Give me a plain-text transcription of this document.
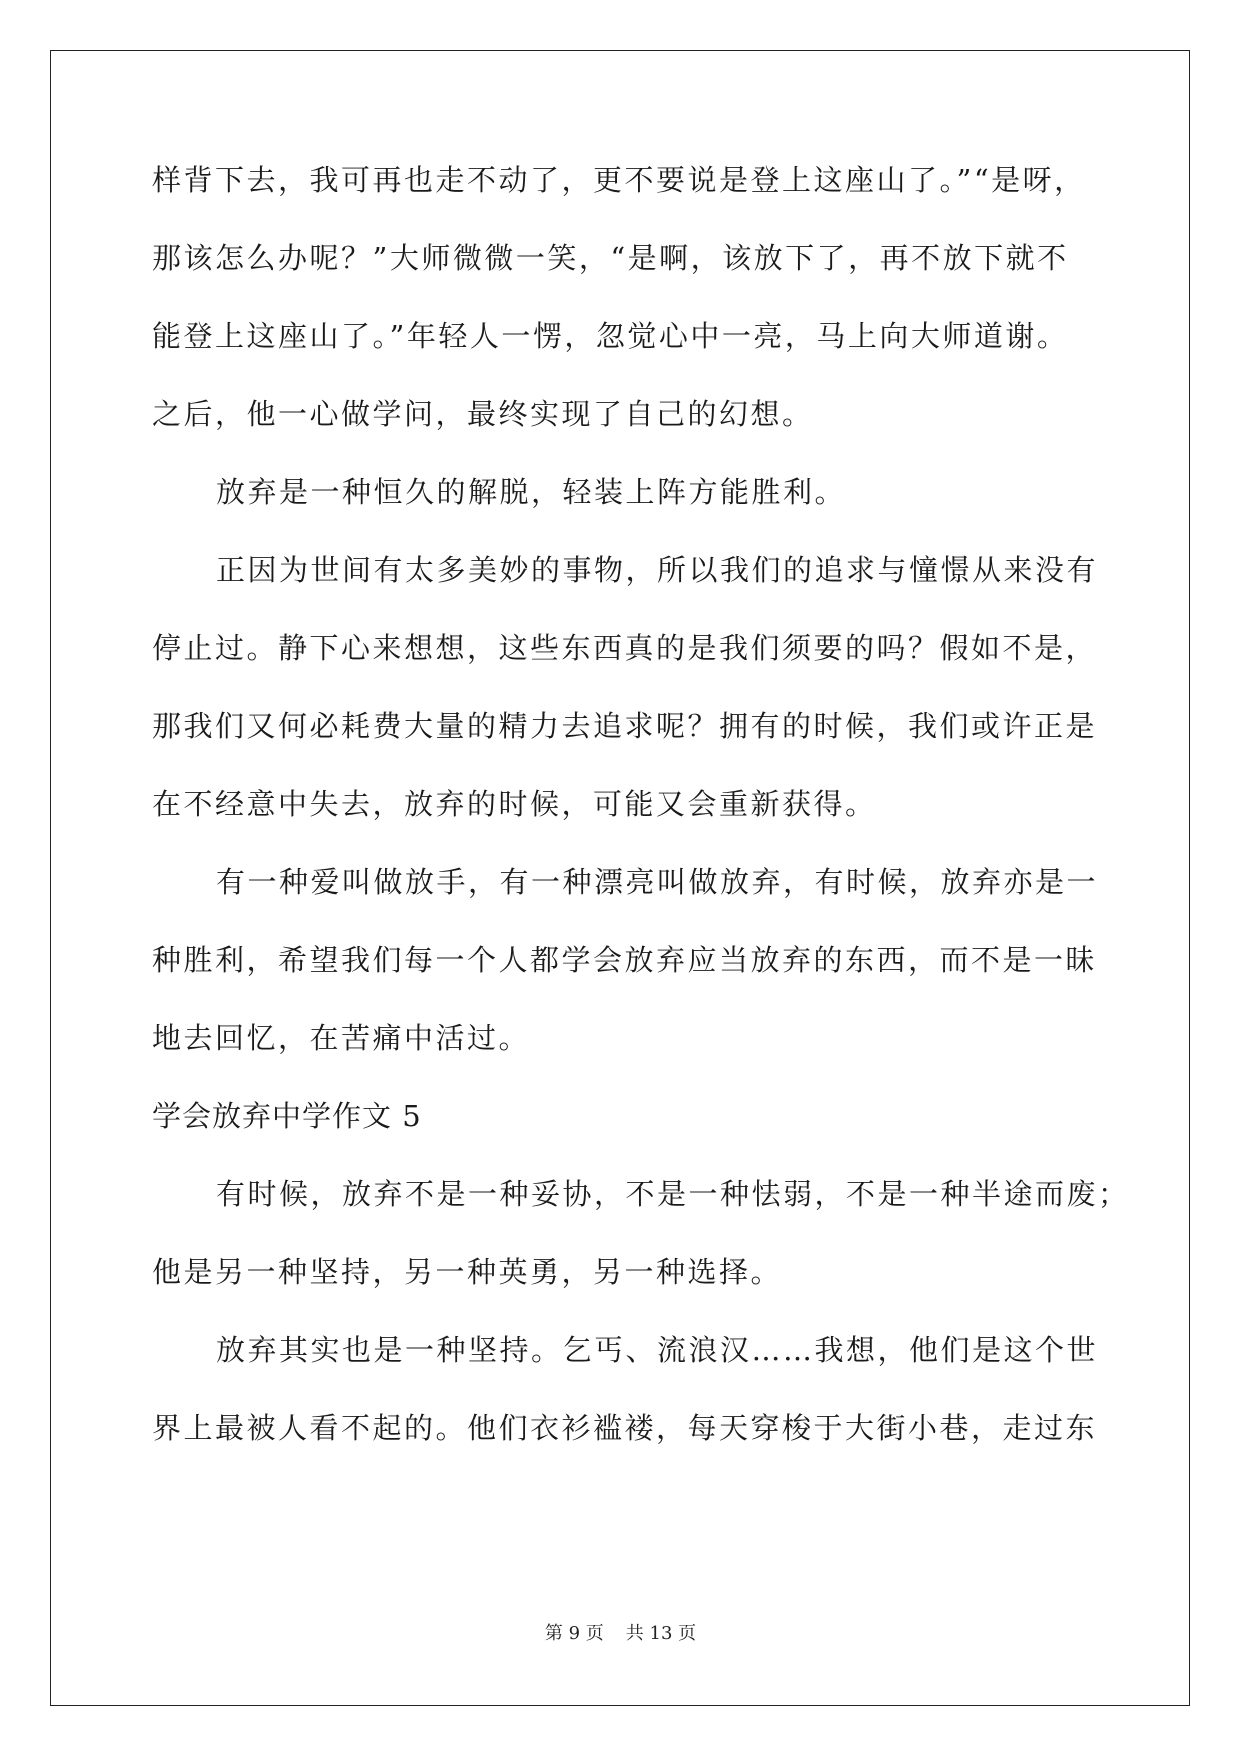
样背下去，我可再也走不动了，更不要说是登上这座山了。”“是呀，
那该怎么办呢？”大师微微一笑，“是啊，该放下了，再不放下就不
能登上这座山了。”年轻人一愣，忽觉心中一亮，马上向大师道谢。
之后，他一心做学问，最终实现了自己的幻想。
放弃是一种恒久的解脱，轻装上阵方能胜利。
正因为世间有太多美妙的事物，所以我们的追求与憧憬从来没有
停止过。静下心来想想，这些东西真的是我们须要的吗？假如不是，
那我们又何必耗费大量的精力去追求呢？拥有的时候，我们或许正是
在不经意中失去，放弃的时候，可能又会重新获得。
有一种爱叫做放手，有一种漂亮叫做放弃，有时候，放弃亦是一
种胜利，希望我们每一个人都学会放弃应当放弃的东西，而不是一昧
地去回忆，在苦痛中活过。
学会放弃中学作文 5
有时候，放弃不是一种妥协，不是一种怯弱，不是一种半途而废；
他是另一种坚持，另一种英勇，另一种选择。
放弃其实也是一种坚持。乞丐、流浪汉……我想，他们是这个世
界上最被人看不起的。他们衣衫褴褛，每天穿梭于大街小巷，走过东
第 9 页 共 13 页
